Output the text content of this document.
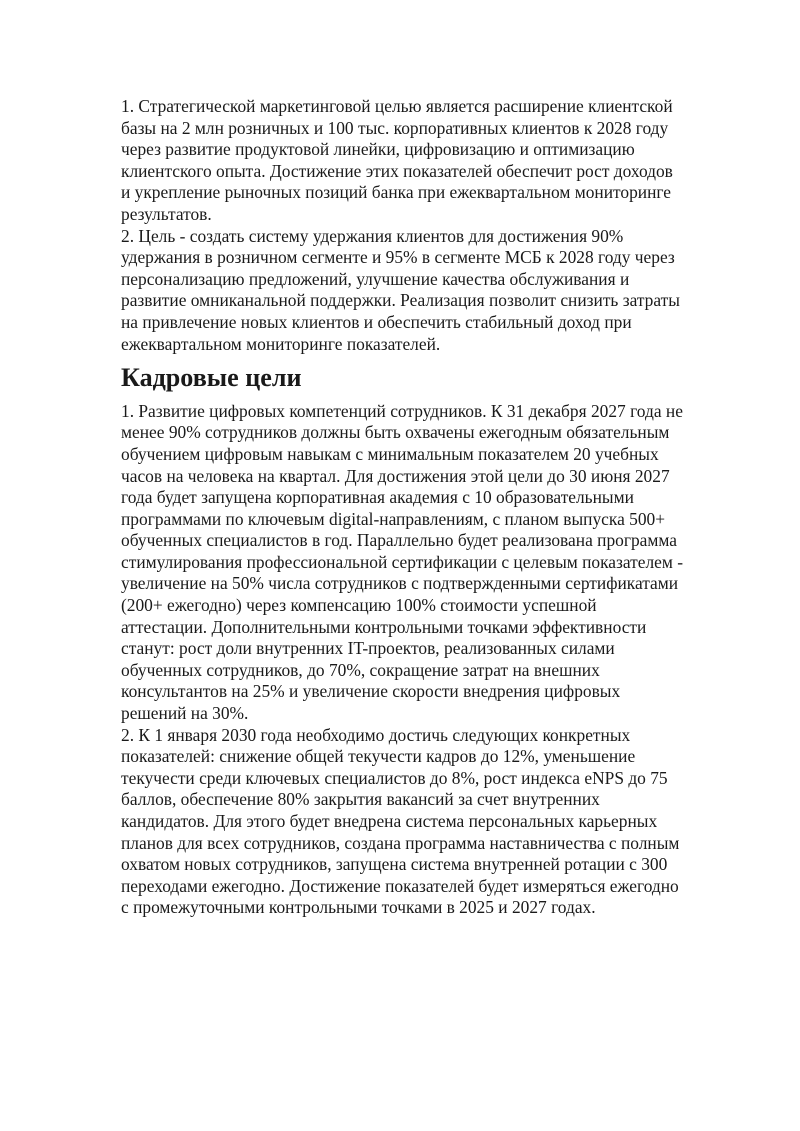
1. Стратегической маркетинговой целью является расширение клиентской базы на 2 млн розничных и 100 тыс. корпоративных клиентов к 2028 году через развитие продуктовой линейки, цифровизацию и оптимизацию клиентского опыта. Достижение этих показателей обеспечит рост доходов и укрепление рыночных позиций банка при ежеквартальном мониторинге результатов.

2. Цель - создать систему удержания клиентов для достижения 90% удержания в розничном сегменте и 95% в сегменте МСБ к 2028 году через персонализацию предложений, улучшение качества обслуживания и развитие омниканальной поддержки. Реализация позволит снизить затраты на привлечение новых клиентов и обеспечить стабильный доход при ежеквартальном мониторинге показателей.

Кадровые цели

1. Развитие цифровых компетенций сотрудников. К 31 декабря 2027 года не менее 90% сотрудников должны быть охвачены ежегодным обязательным обучением цифровым навыкам с минимальным показателем 20 учебных часов на человека на квартал. Для достижения этой цели до 30 июня 2027 года будет запущена корпоративная академия с 10 образовательными программами по ключевым digital-направлениям, с планом выпуска 500+ обученных специалистов в год. Параллельно будет реализована программа стимулирования профессиональной сертификации с целевым показателем - увеличение на 50% числа сотрудников с подтвержденными сертификатами (200+ ежегодно) через компенсацию 100% стоимости успешной аттестации. Дополнительными контрольными точками эффективности станут: рост доли внутренних IT-проектов, реализованных силами обученных сотрудников, до 70%, сокращение затрат на внешних консультантов на 25% и увеличение скорости внедрения цифровых решений на 30%.

2. К 1 января 2030 года необходимо достичь следующих конкретных показателей: снижение общей текучести кадров до 12%, уменьшение текучести среди ключевых специалистов до 8%, рост индекса eNPS до 75 баллов, обеспечение 80% закрытия вакансий за счет внутренних кандидатов. Для этого будет внедрена система персональных карьерных планов для всех сотрудников, создана программа наставничества с полным охватом новых сотрудников, запущена система внутренней ротации с 300 переходами ежегодно. Достижение показателей будет измеряться ежегодно с промежуточными контрольными точками в 2025 и 2027 годах.
